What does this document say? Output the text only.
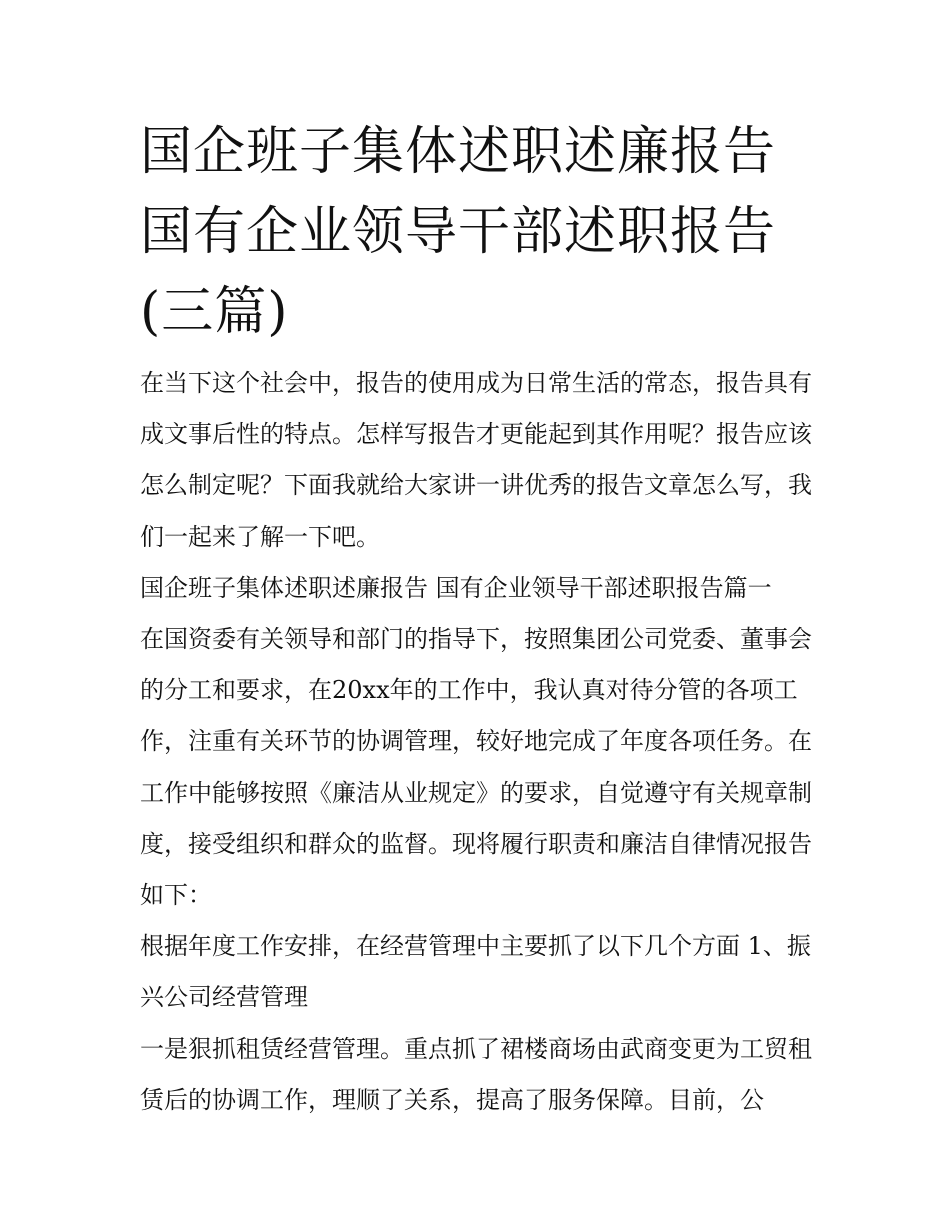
国企班子集体述职述廉报告 国有企业领导干部述职报告(三篇)

在当下这个社会中，报告的使用成为日常生活的常态，报告具有成文事后性的特点。怎样写报告才更能起到其作用呢？报告应该怎么制定呢？下面我就给大家讲一讲优秀的报告文章怎么写，我们一起来了解一下吧。

国企班子集体述职述廉报告 国有企业领导干部述职报告篇一

在国资委有关领导和部门的指导下，按照集团公司党委、董事会的分工和要求，在20xx年的工作中，我认真对待分管的各项工作，注重有关环节的协调管理，较好地完成了年度各项任务。在工作中能够按照《廉洁从业规定》的要求，自觉遵守有关规章制度，接受组织和群众的监督。现将履行职责和廉洁自律情况报告如下：

根据年度工作安排，在经营管理中主要抓了以下几个方面 1、振兴公司经营管理

一是狠抓租赁经营管理。重点抓了裙楼商场由武商变更为工贸租赁后的协调工作，理顺了关系，提高了服务保障。目前，公
